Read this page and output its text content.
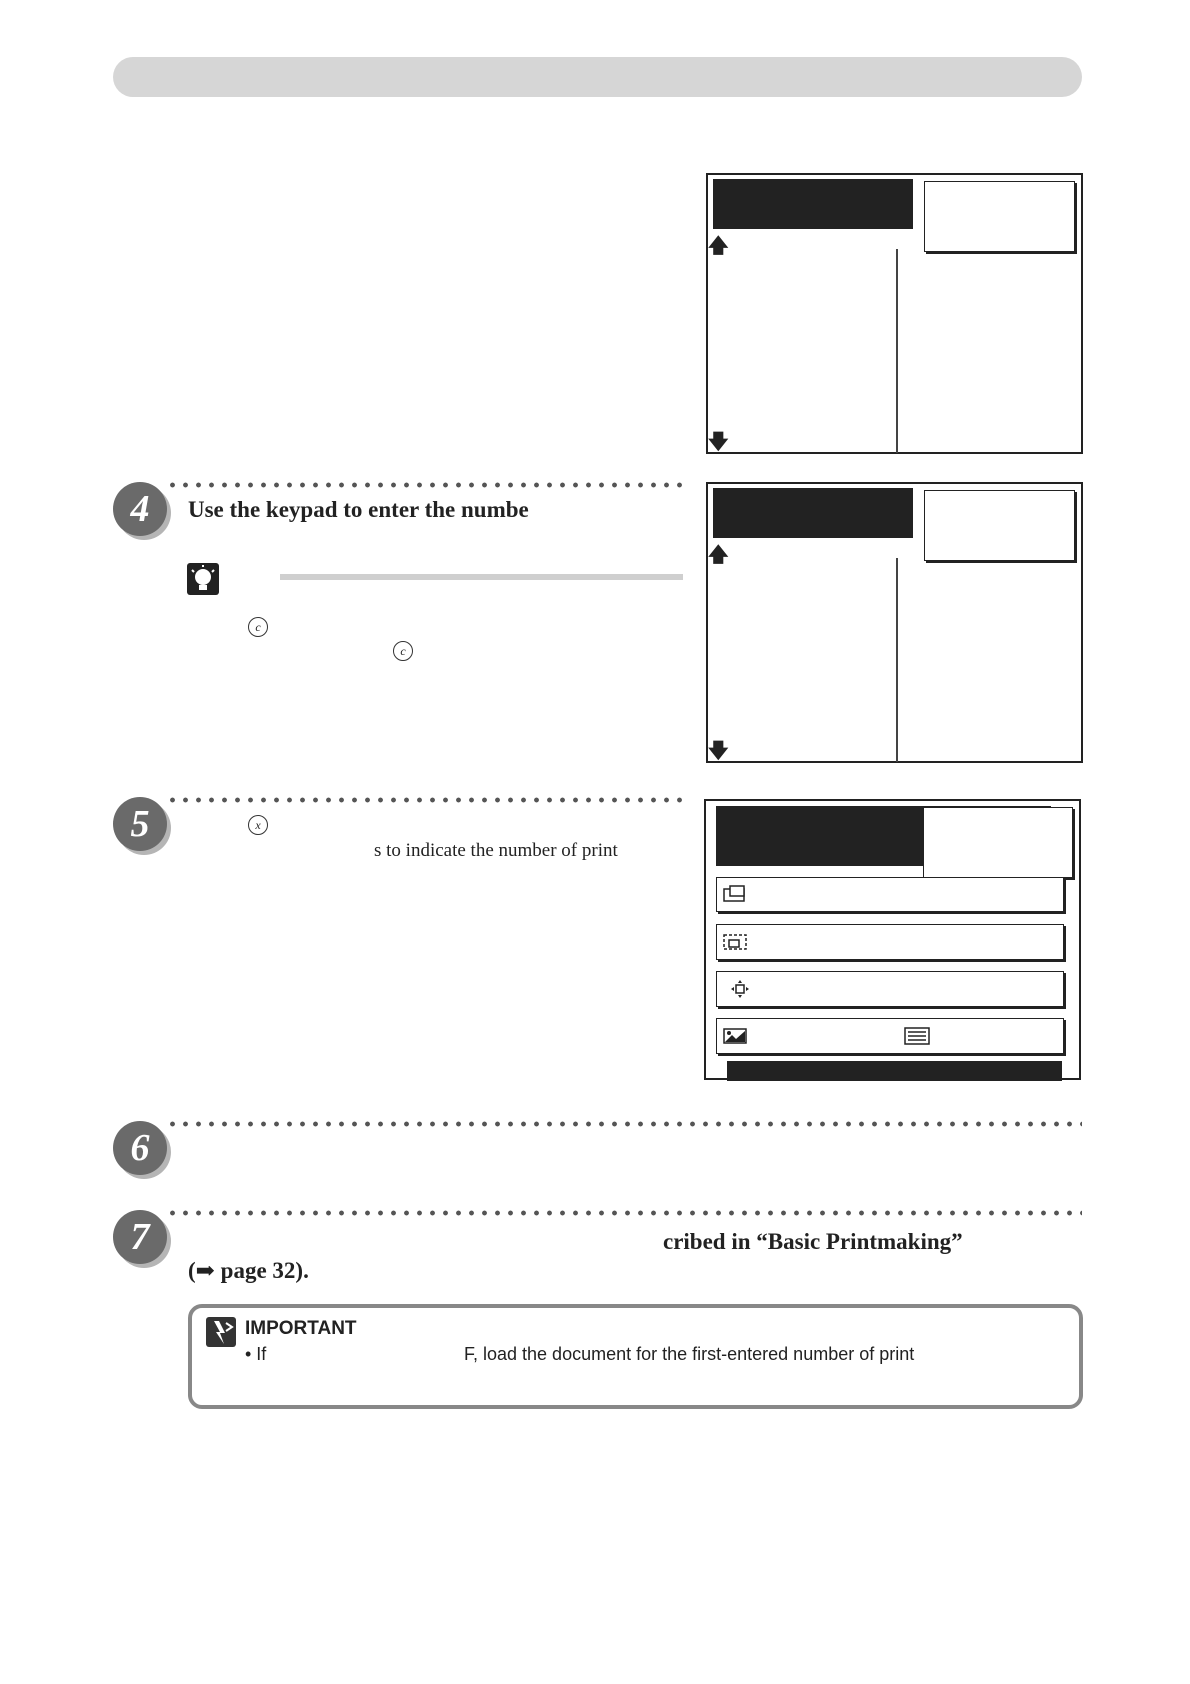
🡅
🡇
4	Use the keypad to enter the numbe
c
c
🡅
🡇
5	x
s to indicate the number of print
6
7	cribed in “Basic Printmaking”
(➡ page 32).
IMPORTANT
• If	F, load the document for the first-entered number of print
